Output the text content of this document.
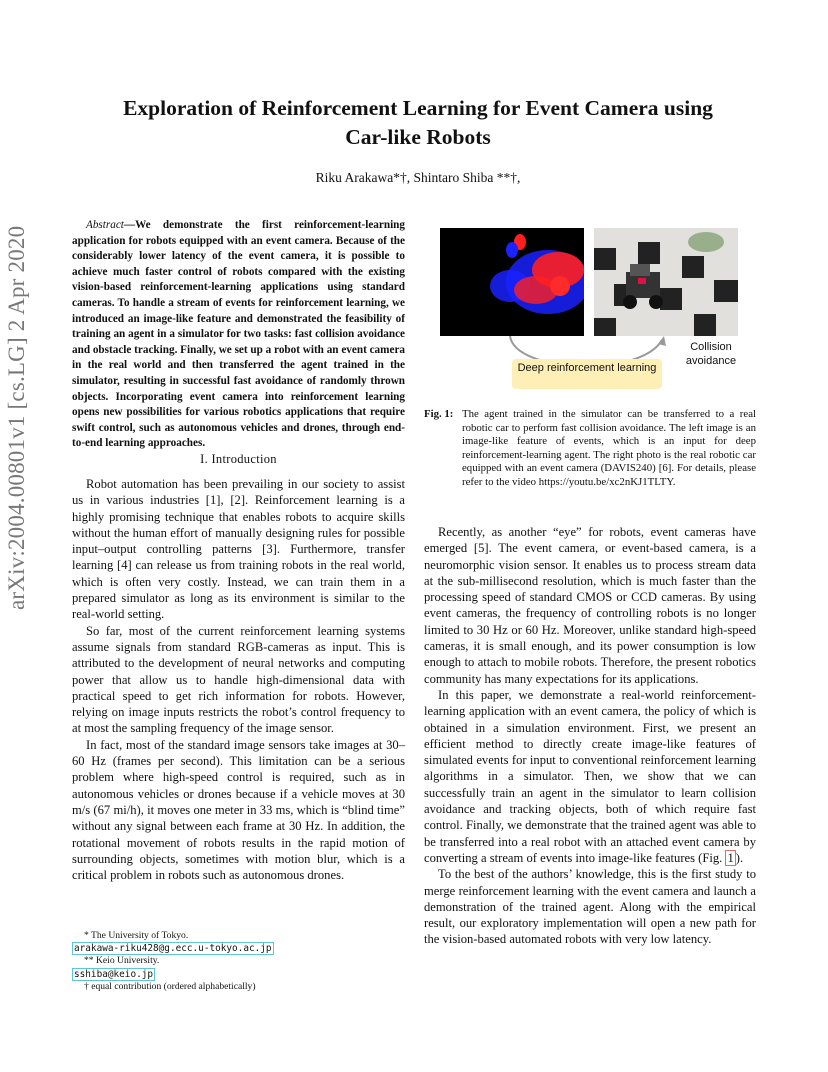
arXiv:2004.00801v1 [cs.LG] 2 Apr 2020
Exploration of Reinforcement Learning for Event Camera using
Car-like Robots
Riku Arakawa*†, Shintaro Shiba **†,
Abstract—We demonstrate the first reinforcement-learning application for robots equipped with an event camera. Because of the considerably lower latency of the event camera, it is possible to achieve much faster control of robots compared with the existing vision-based reinforcement-learning applications using standard cameras. To handle a stream of events for reinforcement learning, we introduced an image-like feature and demonstrated the feasibility of training an agent in a simulator for two tasks: fast collision avoidance and obstacle tracking. Finally, we set up a robot with an event camera in the real world and then transferred the agent trained in the simulator, resulting in successful fast avoidance of randomly thrown objects. Incorporating event camera into reinforcement learning opens new possibilities for various robotics applications that require swift control, such as autonomous vehicles and drones, through end-to-end learning approaches.
I. Introduction

Robot automation has been prevailing in our society to assist us in various industries [1], [2]. Reinforcement learning is a highly promising technique that enables robots to acquire skills without the human effort of manually designing rules for possible input–output controlling patterns [3]. Furthermore, transfer learning [4] can release us from training robots in the real world, which is often very costly. Instead, we can train them in a prepared simulator as long as its environment is similar to the real-world setting.

So far, most of the current reinforcement learning systems assume signals from standard RGB-cameras as input. This is attributed to the development of neural networks and computing power that allow us to handle high-dimensional data with practical speed to get rich information for robots. However, relying on image inputs restricts the robot’s control frequency to at most the sampling frequency of the image sensor.

In fact, most of the standard image sensors take images at 30–60 Hz (frames per second). This limitation can be a serious problem where high-speed control is required, such as in autonomous vehicles or drones because if a vehicle moves at 30 m/s (67 mi/h), it moves one meter in 33 ms, which is “blind time” without any signal between each frame at 30 Hz. In addition, the rotational movement of robots results in the rapid motion of surrounding objects, sometimes with motion blur, which is a critical problem in robots such as autonomous drones.

* The University of Tokyo.
arakawa-riku428@g.ecc.u-tokyo.ac.jp
** Keio University.
sshiba@keio.jp
† equal contribution (ordered alphabetically)
Collision avoidance
Deep reinforcement learning
Fig. 1: The agent trained in the simulator can be transferred to a real robotic car to perform fast collision avoidance. The left image is an image-like feature of events, which is an input for deep reinforcement-learning agent. The right photo is the real robotic car equipped with an event camera (DAVIS240) [6]. For details, please refer to the video https://youtu.be/xc2nKJ1TLTY.

Recently, as another “eye” for robots, event cameras have emerged [5]. The event camera, or event-based camera, is a neuromorphic vision sensor. It enables us to process stream data at the sub-millisecond resolution, which is much faster than the processing speed of standard CMOS or CCD cameras. By using event cameras, the frequency of controlling robots is no longer limited to 30 Hz or 60 Hz. Moreover, unlike standard high-speed cameras, it is small enough, and its power consumption is low enough to attach to mobile robots. Therefore, the present robotics community has many expectations for its applications.

In this paper, we demonstrate a real-world reinforcement-learning application with an event camera, the policy of which is obtained in a simulation environment. First, we present an efficient method to directly create image-like features of simulated events for input to conventional reinforcement learning algorithms in a simulator. Then, we show that we can successfully train an agent in the simulator to learn collision avoidance and tracking objects, both of which require fast control. Finally, we demonstrate that the trained agent was able to be transferred into a real robot with an attached event camera by converting a stream of events into image-like features (Fig. 1 ).

To the best of the authors’ knowledge, this is the first study to merge reinforcement learning with the event camera and launch a demonstration of the trained agent. Along with the empirical result, our exploratory implementation will open a new path for the vision-based automated robots with very low latency.
